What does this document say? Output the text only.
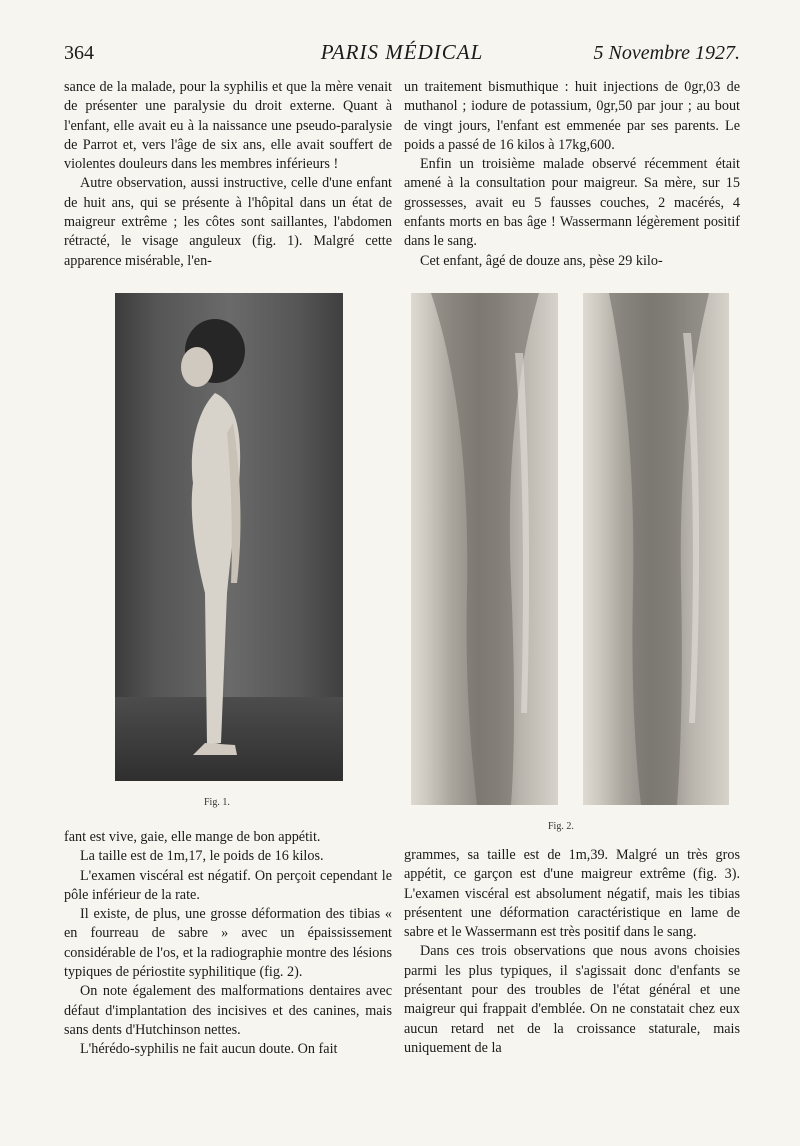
364	PARIS MÉDICAL	5 Novembre 1927.

sance de la malade, pour la syphilis et que la mère venait de présenter une paralysie du droit externe. Quant à l'enfant, elle avait eu à la naissance une pseudo-paralysie de Parrot et, vers l'âge de six ans, elle avait souffert de violentes douleurs dans les membres inférieurs !

Autre observation, aussi instructive, celle d'une enfant de huit ans, qui se présente à l'hôpital dans un état de maigreur extrême ; les côtes sont saillantes, l'abdomen rétracté, le visage anguleux (fig. 1). Malgré cette apparence misérable, l'en-

un traitement bismuthique : huit injections de 0gr,03 de muthanol ; iodure de potassium, 0gr,50 par jour ; au bout de vingt jours, l'enfant est emmenée par ses parents. Le poids a passé de 16 kilos à 17kg,600.

Enfin un troisième malade observé récemment était amené à la consultation pour maigreur. Sa mère, sur 15 grossesses, avait eu 5 fausses couches, 2 macérés, 4 enfants morts en bas âge ! Wassermann légèrement positif dans le sang.

Cet enfant, âgé de douze ans, pèse 29 kilo-

Fig. 1.
Fig. 2.

fant est vive, gaie, elle mange de bon appétit.

La taille est de 1m,17, le poids de 16 kilos.

L'examen viscéral est négatif. On perçoit cependant le pôle inférieur de la rate.

Il existe, de plus, une grosse déformation des tibias « en fourreau de sabre » avec un épaississement considérable de l'os, et la radiographie montre des lésions typiques de périostite syphilitique (fig. 2).

On note également des malformations dentaires avec défaut d'implantation des incisives et des canines, mais sans dents d'Hutchinson nettes.

L'hérédo-syphilis ne fait aucun doute. On fait

grammes, sa taille est de 1m,39. Malgré un très gros appétit, ce garçon est d'une maigreur extrême (fig. 3). L'examen viscéral est absolument négatif, mais les tibias présentent une déformation caractéristique en lame de sabre et le Wassermann est très positif dans le sang.

Dans ces trois observations que nous avons choisies parmi les plus typiques, il s'agissait donc d'enfants se présentant pour des troubles de l'état général et une maigreur qui frappait d'emblée. On ne constatait chez eux aucun retard net de la croissance staturale, mais uniquement de la
